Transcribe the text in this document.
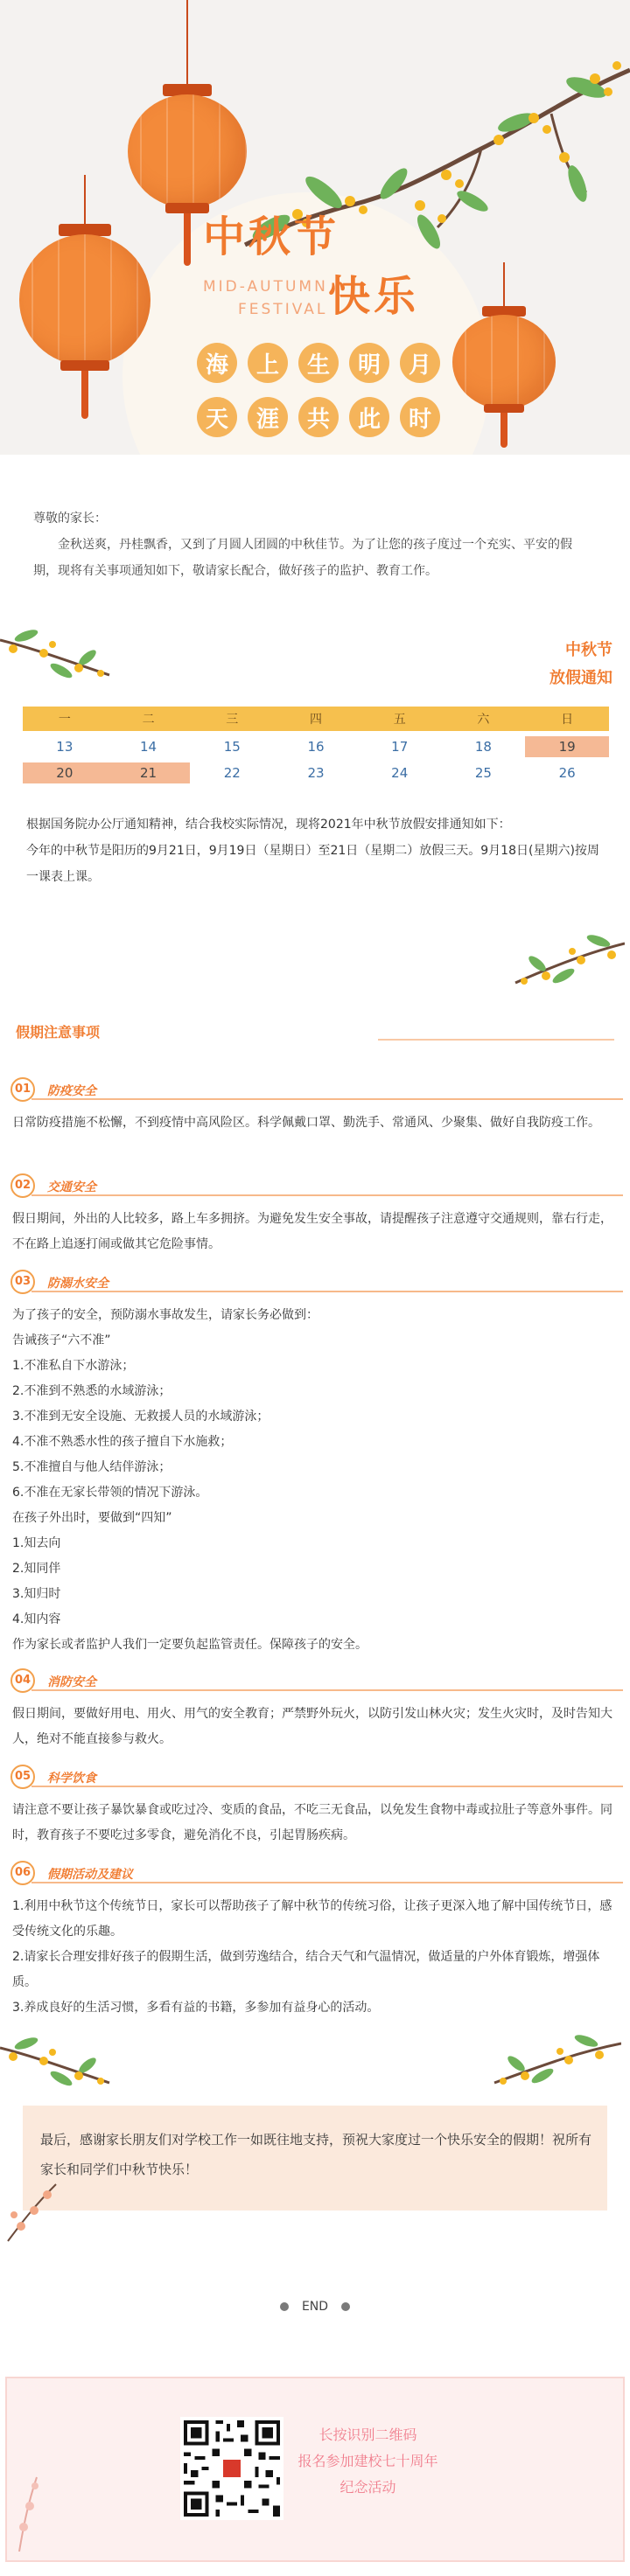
中秋节
MID-AUTUMN
FESTIVAL 快乐
海	上	生	明	月
天	涯	共	此	时

尊敬的家长：

金秋送爽，丹桂飘香，又到了月圆人团圆的中秋佳节。为了让您的孩子度过一个充实、平安的假期，现将有关事项通知如下，敬请家长配合，做好孩子的监护、教育工作。

中秋节
放假通知
一	二	三	四	五	六	日
13	14	15	16	17	18	19
20	21	22	23	24	25	26

根据国务院办公厅通知精神，结合我校实际情况，现将2021年中秋节放假安排通知如下：

今年的中秋节是阳历的9月21日，9月19日（星期日）至21日（星期二）放假三天。9月18日(星期六)按周一课表上课。

假期注意事项
01	防疫安全

日常防疫措施不松懈，不到疫情中高风险区。科学佩戴口罩、勤洗手、常通风、少聚集、做好自我防疫工作。

02	交通安全

假日期间，外出的人比较多，路上车多拥挤。为避免发生安全事故，请提醒孩子注意遵守交通规则，靠右行走，不在路上追逐打闹或做其它危险事情。

03	防溺水安全

为了孩子的安全，预防溺水事故发生，请家长务必做到：

告诫孩子“六不准”

1.不准私自下水游泳；

2.不准到不熟悉的水域游泳；

3.不准到无安全设施、无救援人员的水域游泳；

4.不准不熟悉水性的孩子擅自下水施救；

5.不准擅自与他人结伴游泳；

6.不准在无家长带领的情况下游泳。

在孩子外出时，要做到“四知”

1.知去向

2.知同伴

3.知归时

4.知内容

作为家长或者监护人我们一定要负起监管责任。保障孩子的安全。

04	消防安全

假日期间，要做好用电、用火、用气的安全教育；严禁野外玩火，以防引发山林火灾；发生火灾时，及时告知大人，绝对不能直接参与救火。

05	科学饮食

请注意不要让孩子暴饮暴食或吃过冷、变质的食品，不吃三无食品，以免发生食物中毒或拉肚子等意外事件。同时，教育孩子不要吃过多零食，避免消化不良，引起胃肠疾病。

06	假期活动及建议

1.利用中秋节这个传统节日，家长可以帮助孩子了解中秋节的传统习俗，让孩子更深入地了解中国传统节日，感受传统文化的乐趣。

2.请家长合理安排好孩子的假期生活，做到劳逸结合，结合天气和气温情况，做适量的户外体育锻炼，增强体质。

3.养成良好的生活习惯，多看有益的书籍，多参加有益身心的活动。

最后，感谢家长朋友们对学校工作一如既往地支持，预祝大家度过一个快乐安全的假期！祝所有家长和同学们中秋节快乐！

END
长按识别二维码
报名参加建校七十周年
纪念活动
